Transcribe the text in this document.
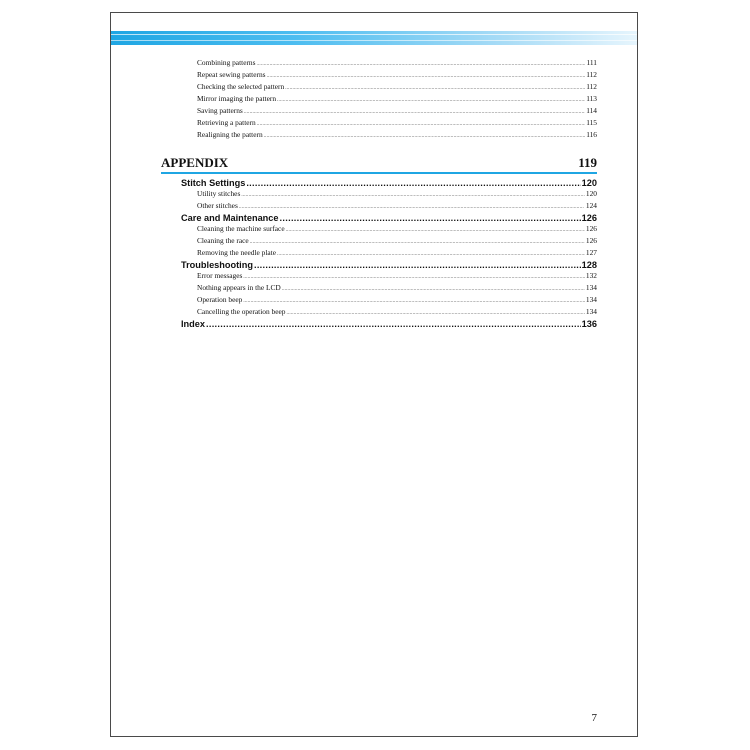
Combining patterns .....	111
Repeat sewing patterns .....	112
Checking the selected pattern .....	112
Mirror imaging the pattern .....	113
Saving patterns .....	114
Retrieving a pattern .....	115
Realigning the pattern .....	116
APPENDIX	119
Stitch Settings .....	120
Utility stitches .....	120
Other stitches .....	124
Care and Maintenance .....	126
Cleaning the machine surface .....	126
Cleaning the race .....	126
Removing the needle plate .....	127
Troubleshooting .....	128
Error messages .....	132
Nothing appears in the LCD .....	134
Operation beep .....	134
Cancelling the operation beep .....	134
Index .....	136
7
